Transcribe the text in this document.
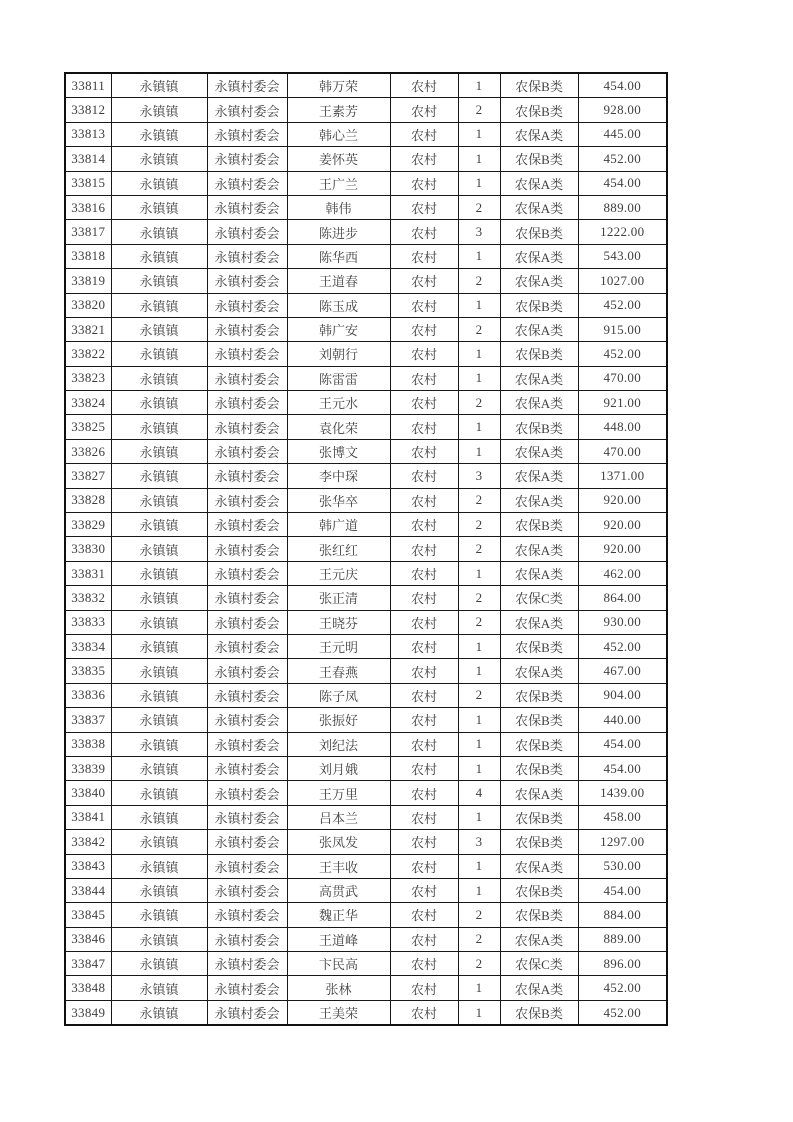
33811	永镇镇	永镇村委会	韩万荣	农村	1	农保B类	454.00
33812	永镇镇	永镇村委会	王素芳	农村	2	农保B类	928.00
33813	永镇镇	永镇村委会	韩心兰	农村	1	农保A类	445.00
33814	永镇镇	永镇村委会	姜怀英	农村	1	农保B类	452.00
33815	永镇镇	永镇村委会	王广兰	农村	1	农保A类	454.00
33816	永镇镇	永镇村委会	韩伟	农村	2	农保A类	889.00
33817	永镇镇	永镇村委会	陈进步	农村	3	农保B类	1222.00
33818	永镇镇	永镇村委会	陈华西	农村	1	农保A类	543.00
33819	永镇镇	永镇村委会	王道春	农村	2	农保A类	1027.00
33820	永镇镇	永镇村委会	陈玉成	农村	1	农保B类	452.00
33821	永镇镇	永镇村委会	韩广安	农村	2	农保A类	915.00
33822	永镇镇	永镇村委会	刘朝行	农村	1	农保B类	452.00
33823	永镇镇	永镇村委会	陈雷雷	农村	1	农保A类	470.00
33824	永镇镇	永镇村委会	王元水	农村	2	农保A类	921.00
33825	永镇镇	永镇村委会	袁化荣	农村	1	农保B类	448.00
33826	永镇镇	永镇村委会	张博文	农村	1	农保A类	470.00
33827	永镇镇	永镇村委会	李中琛	农村	3	农保A类	1371.00
33828	永镇镇	永镇村委会	张华卒	农村	2	农保A类	920.00
33829	永镇镇	永镇村委会	韩广道	农村	2	农保B类	920.00
33830	永镇镇	永镇村委会	张红红	农村	2	农保A类	920.00
33831	永镇镇	永镇村委会	王元庆	农村	1	农保A类	462.00
33832	永镇镇	永镇村委会	张正清	农村	2	农保C类	864.00
33833	永镇镇	永镇村委会	王晓芬	农村	2	农保A类	930.00
33834	永镇镇	永镇村委会	王元明	农村	1	农保B类	452.00
33835	永镇镇	永镇村委会	王春燕	农村	1	农保A类	467.00
33836	永镇镇	永镇村委会	陈子凤	农村	2	农保B类	904.00
33837	永镇镇	永镇村委会	张振好	农村	1	农保B类	440.00
33838	永镇镇	永镇村委会	刘纪法	农村	1	农保B类	454.00
33839	永镇镇	永镇村委会	刘月娥	农村	1	农保B类	454.00
33840	永镇镇	永镇村委会	王万里	农村	4	农保A类	1439.00
33841	永镇镇	永镇村委会	吕本兰	农村	1	农保B类	458.00
33842	永镇镇	永镇村委会	张凤发	农村	3	农保B类	1297.00
33843	永镇镇	永镇村委会	王丰收	农村	1	农保A类	530.00
33844	永镇镇	永镇村委会	高贯武	农村	1	农保B类	454.00
33845	永镇镇	永镇村委会	魏正华	农村	2	农保B类	884.00
33846	永镇镇	永镇村委会	王道峰	农村	2	农保A类	889.00
33847	永镇镇	永镇村委会	卞民高	农村	2	农保C类	896.00
33848	永镇镇	永镇村委会	张林	农村	1	农保A类	452.00
33849	永镇镇	永镇村委会	王美荣	农村	1	农保B类	452.00
